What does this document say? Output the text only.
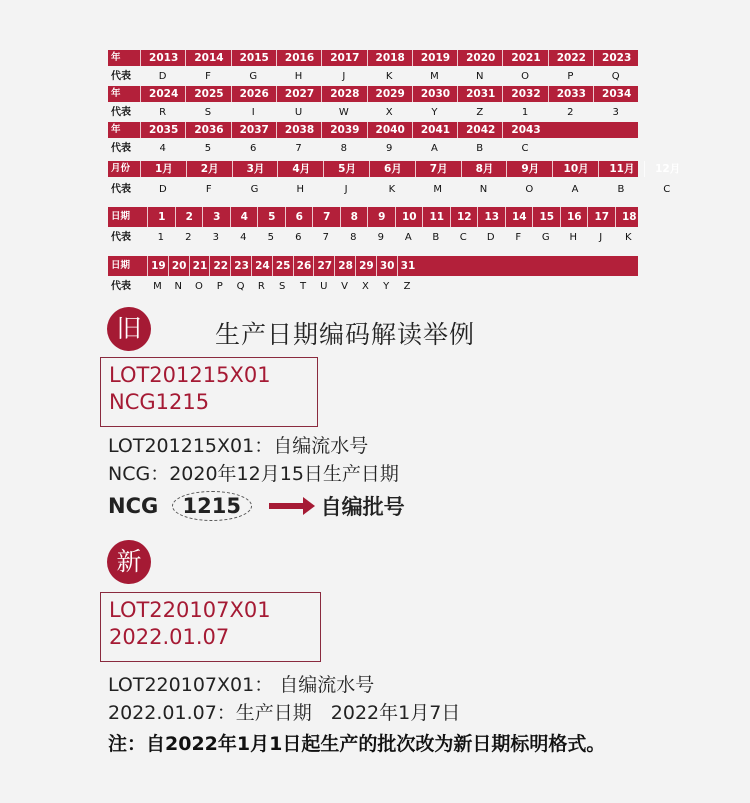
年	2013	2014	2015	2016	2017	2018	2019	2020	2021	2022	2023
代表	D	F	G	H	J	K	M	N	O	P	Q
年	2024	2025	2026	2027	2028	2029	2030	2031	2032	2033	2034
代表	R	S	I	U	W	X	Y	Z	1	2	3
年	2035	2036	2037	2038	2039	2040	2041	2042	2043
代表	4	5	6	7	8	9	A	B	C
月份	1月	2月	3月	4月	5月	6月	7月	8月	9月	10月	11月	12月
代表	D	F	G	H	J	K	M	N	O	A	B	C
日期	1	2	3	4	5	6	7	8	9	10	11	12	13	14	15	16	17	18
代表	1	2	3	4	5	6	7	8	9	A	B	C	D	F	G	H	J	K
日期	19 20 21 22 23 24 25 26 27 28 29 30 31
代表	M	N	O	P	Q	R	S	T	U	V	X	Y	Z
旧	生产日期编码解读举例
LOT201215X01
NCG1215
LOT201215X01：自编流水号
NCG：2020年12月15日生产日期
NCG 1215	自编批号
新
LOT220107X01
2022.01.07
LOT220107X01： 自编流水号
2022.01.07：生产日期　2022年1月7日
注：自2022年1月1日起生产的批次改为新日期标明格式。
